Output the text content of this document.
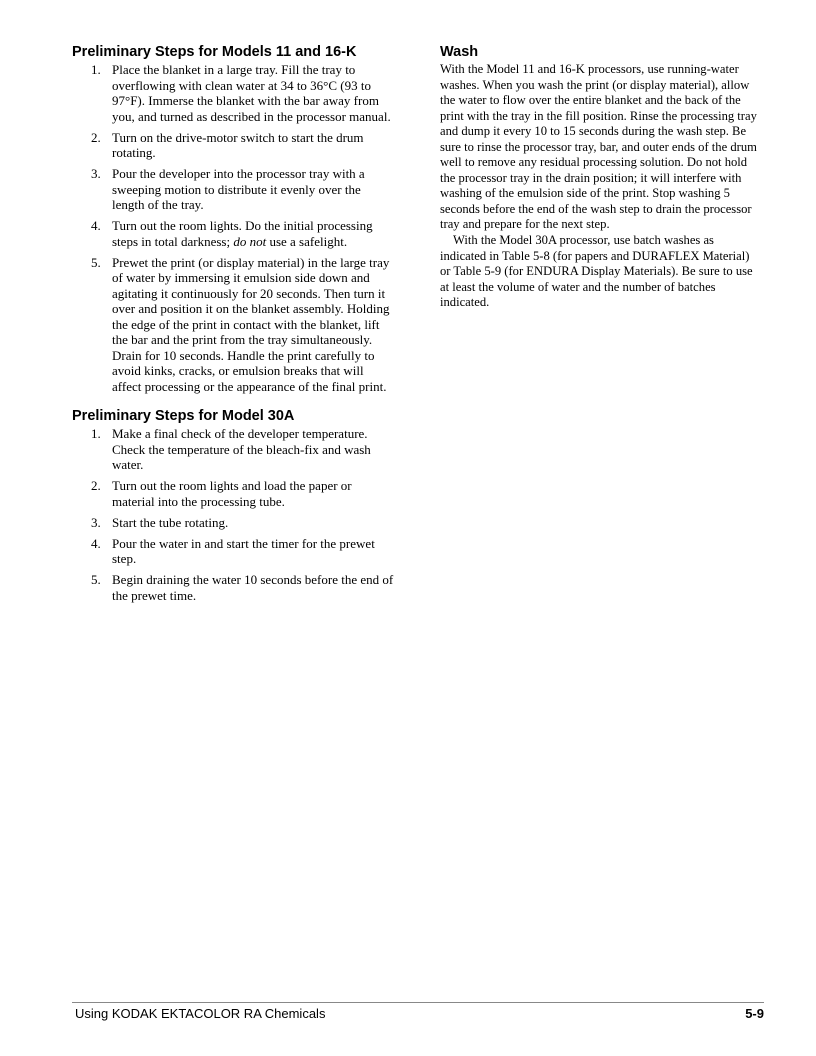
Preliminary Steps for Models 11 and 16-K
1. Place the blanket in a large tray. Fill the tray to overflowing with clean water at 34 to 36°C (93 to 97°F). Immerse the blanket with the bar away from you, and turned as described in the processor manual.
2. Turn on the drive-motor switch to start the drum rotating.
3. Pour the developer into the processor tray with a sweeping motion to distribute it evenly over the length of the tray.
4. Turn out the room lights. Do the initial processing steps in total darkness; do not use a safelight.
5. Prewet the print (or display material) in the large tray of water by immersing it emulsion side down and agitating it continuously for 20 seconds. Then turn it over and position it on the blanket assembly. Holding the edge of the print in contact with the blanket, lift the bar and the print from the tray simultaneously. Drain for 10 seconds. Handle the print carefully to avoid kinks, cracks, or emulsion breaks that will affect processing or the appearance of the final print.
Preliminary Steps for Model 30A
1. Make a final check of the developer temperature. Check the temperature of the bleach-fix and wash water.
2. Turn out the room lights and load the paper or material into the processing tube.
3. Start the tube rotating.
4. Pour the water in and start the timer for the prewet step.
5. Begin draining the water 10 seconds before the end of the prewet time.
Wash

With the Model 11 and 16-K processors, use running-water washes. When you wash the print (or display material), allow the water to flow over the entire blanket and the back of the print with the tray in the fill position. Rinse the processing tray and dump it every 10 to 15 seconds during the wash step. Be sure to rinse the processor tray, bar, and outer ends of the drum well to remove any residual processing solution. Do not hold the processor tray in the drain position; it will interfere with washing of the emulsion side of the print. Stop washing 5 seconds before the end of the wash step to drain the processor tray and prepare for the next step.

With the Model 30A processor, use batch washes as indicated in Table 5-8 (for papers and DURAFLEX Material) or Table 5-9 (for ENDURA Display Materials). Be sure to use at least the volume of water and the number of batches indicated.

Using KODAK EKTACOLOR RA Chemicals	5-9
